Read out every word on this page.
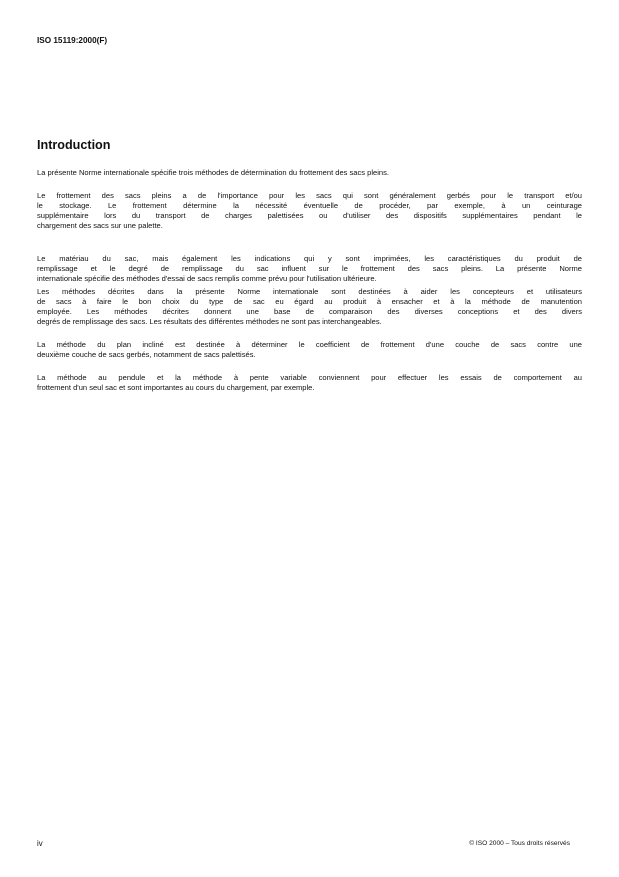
ISO 15119:2000(F)
Introduction
La présente Norme internationale spécifie trois méthodes de détermination du frottement des sacs pleins.
Le frottement des sacs pleins a de l'importance pour les sacs qui sont généralement gerbés pour le transport et/ou
le stockage. Le frottement détermine la nécessité éventuelle de procéder, par exemple, à un ceinturage
supplémentaire lors du transport de charges palettisées ou d'utiliser des dispositifs supplémentaires pendant le
chargement des sacs sur une palette.
Le matériau du sac, mais également les indications qui y sont imprimées, les caractéristiques du produit de
remplissage et le degré de remplissage du sac influent sur le frottement des sacs pleins. La présente Norme
internationale spécifie des méthodes d'essai de sacs remplis comme prévu pour l'utilisation ultérieure.
Les méthodes décrites dans la présente Norme internationale sont destinées à aider les concepteurs et utilisateurs
de sacs à faire le bon choix du type de sac eu égard au produit à ensacher et à la méthode de manutention
employée. Les méthodes décrites donnent une base de comparaison des diverses conceptions et des divers
degrés de remplissage des sacs. Les résultats des différentes méthodes ne sont pas interchangeables.
La méthode du plan incliné est destinée à déterminer le coefficient de frottement d'une couche de sacs contre une
deuxième couche de sacs gerbés, notamment de sacs palettisés.
La méthode au pendule et la méthode à pente variable conviennent pour effectuer les essais de comportement au
frottement d'un seul sac et sont importantes au cours du chargement, par exemple.
iv	© ISO 2000 – Tous droits réservés
